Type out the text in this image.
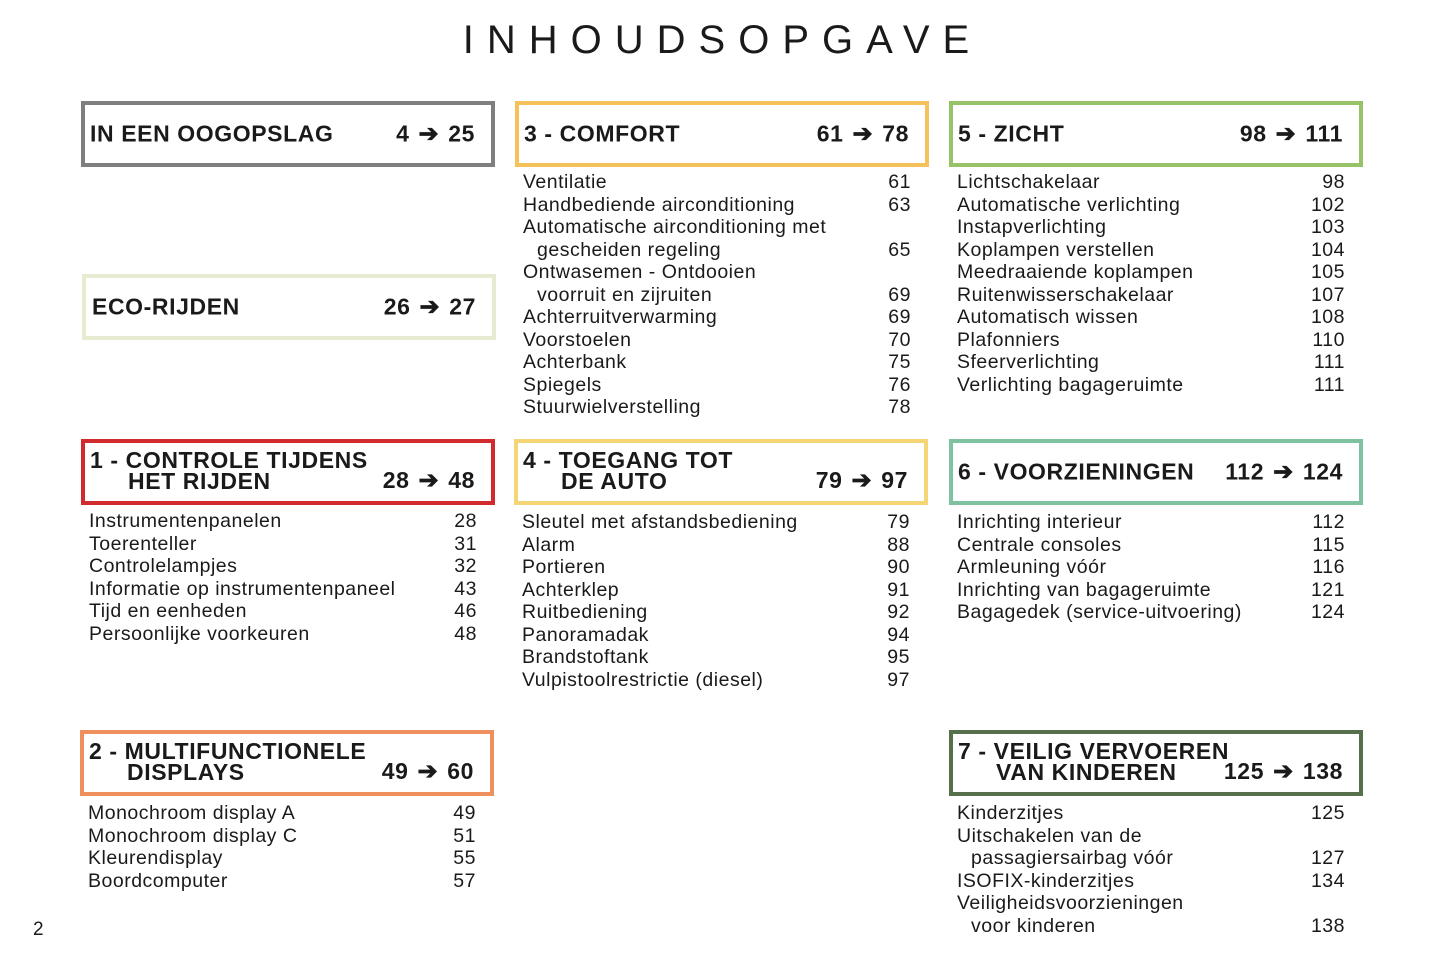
INHOUDSOPGAVE
IN EEN OOGOPSLAG	4 ➔ 25
ECO-RIJDEN	26 ➔ 27
1 - CONTROLE TIJDENS
HET RIJDEN	28 ➔ 48
Instrumentenpanelen	28
Toerenteller	31
Controlelampjes	32
Informatie op instrumentenpaneel	43
Tijd en eenheden	46
Persoonlijke voorkeuren	48
2 - MULTIFUNCTIONELE
DISPLAYS	49 ➔ 60
Monochroom display A	49
Monochroom display C	51
Kleurendisplay	55
Boordcomputer	57
3 - COMFORT	61 ➔ 78
Ventilatie	61
Handbediende airconditioning	63
Automatische airconditioning met
gescheiden regeling	65
Ontwasemen - Ontdooien
voorruit en zijruiten	69
Achterruitverwarming	69
Voorstoelen	70
Achterbank	75
Spiegels	76
Stuurwielverstelling	78
4 - TOEGANG TOT
DE AUTO	79 ➔ 97
Sleutel met afstandsbediening	79
Alarm	88
Portieren	90
Achterklep	91
Ruitbediening	92
Panoramadak	94
Brandstoftank	95
Vulpistoolrestrictie (diesel)	97
5 - ZICHT	98 ➔ 111
Lichtschakelaar	98
Automatische verlichting	102
Instapverlichting	103
Koplampen verstellen	104
Meedraaiende koplampen	105
Ruitenwisserschakelaar	107
Automatisch wissen	108
Plafonniers	110
Sfeerverlichting	111
Verlichting bagageruimte	111
6 - VOORZIENINGEN 112 ➔ 124
Inrichting interieur	112
Centrale consoles	115
Armleuning vóór	116
Inrichting van bagageruimte	121
Bagagedek (service-uitvoering)	124
7 - VEILIG VERVOEREN
VAN KINDEREN 125 ➔ 138
Kinderzitjes	125
Uitschakelen van de
passagiersairbag vóór	127
ISOFIX-kinderzitjes	134
Veiligheidsvoorzieningen
voor kinderen	138
2
